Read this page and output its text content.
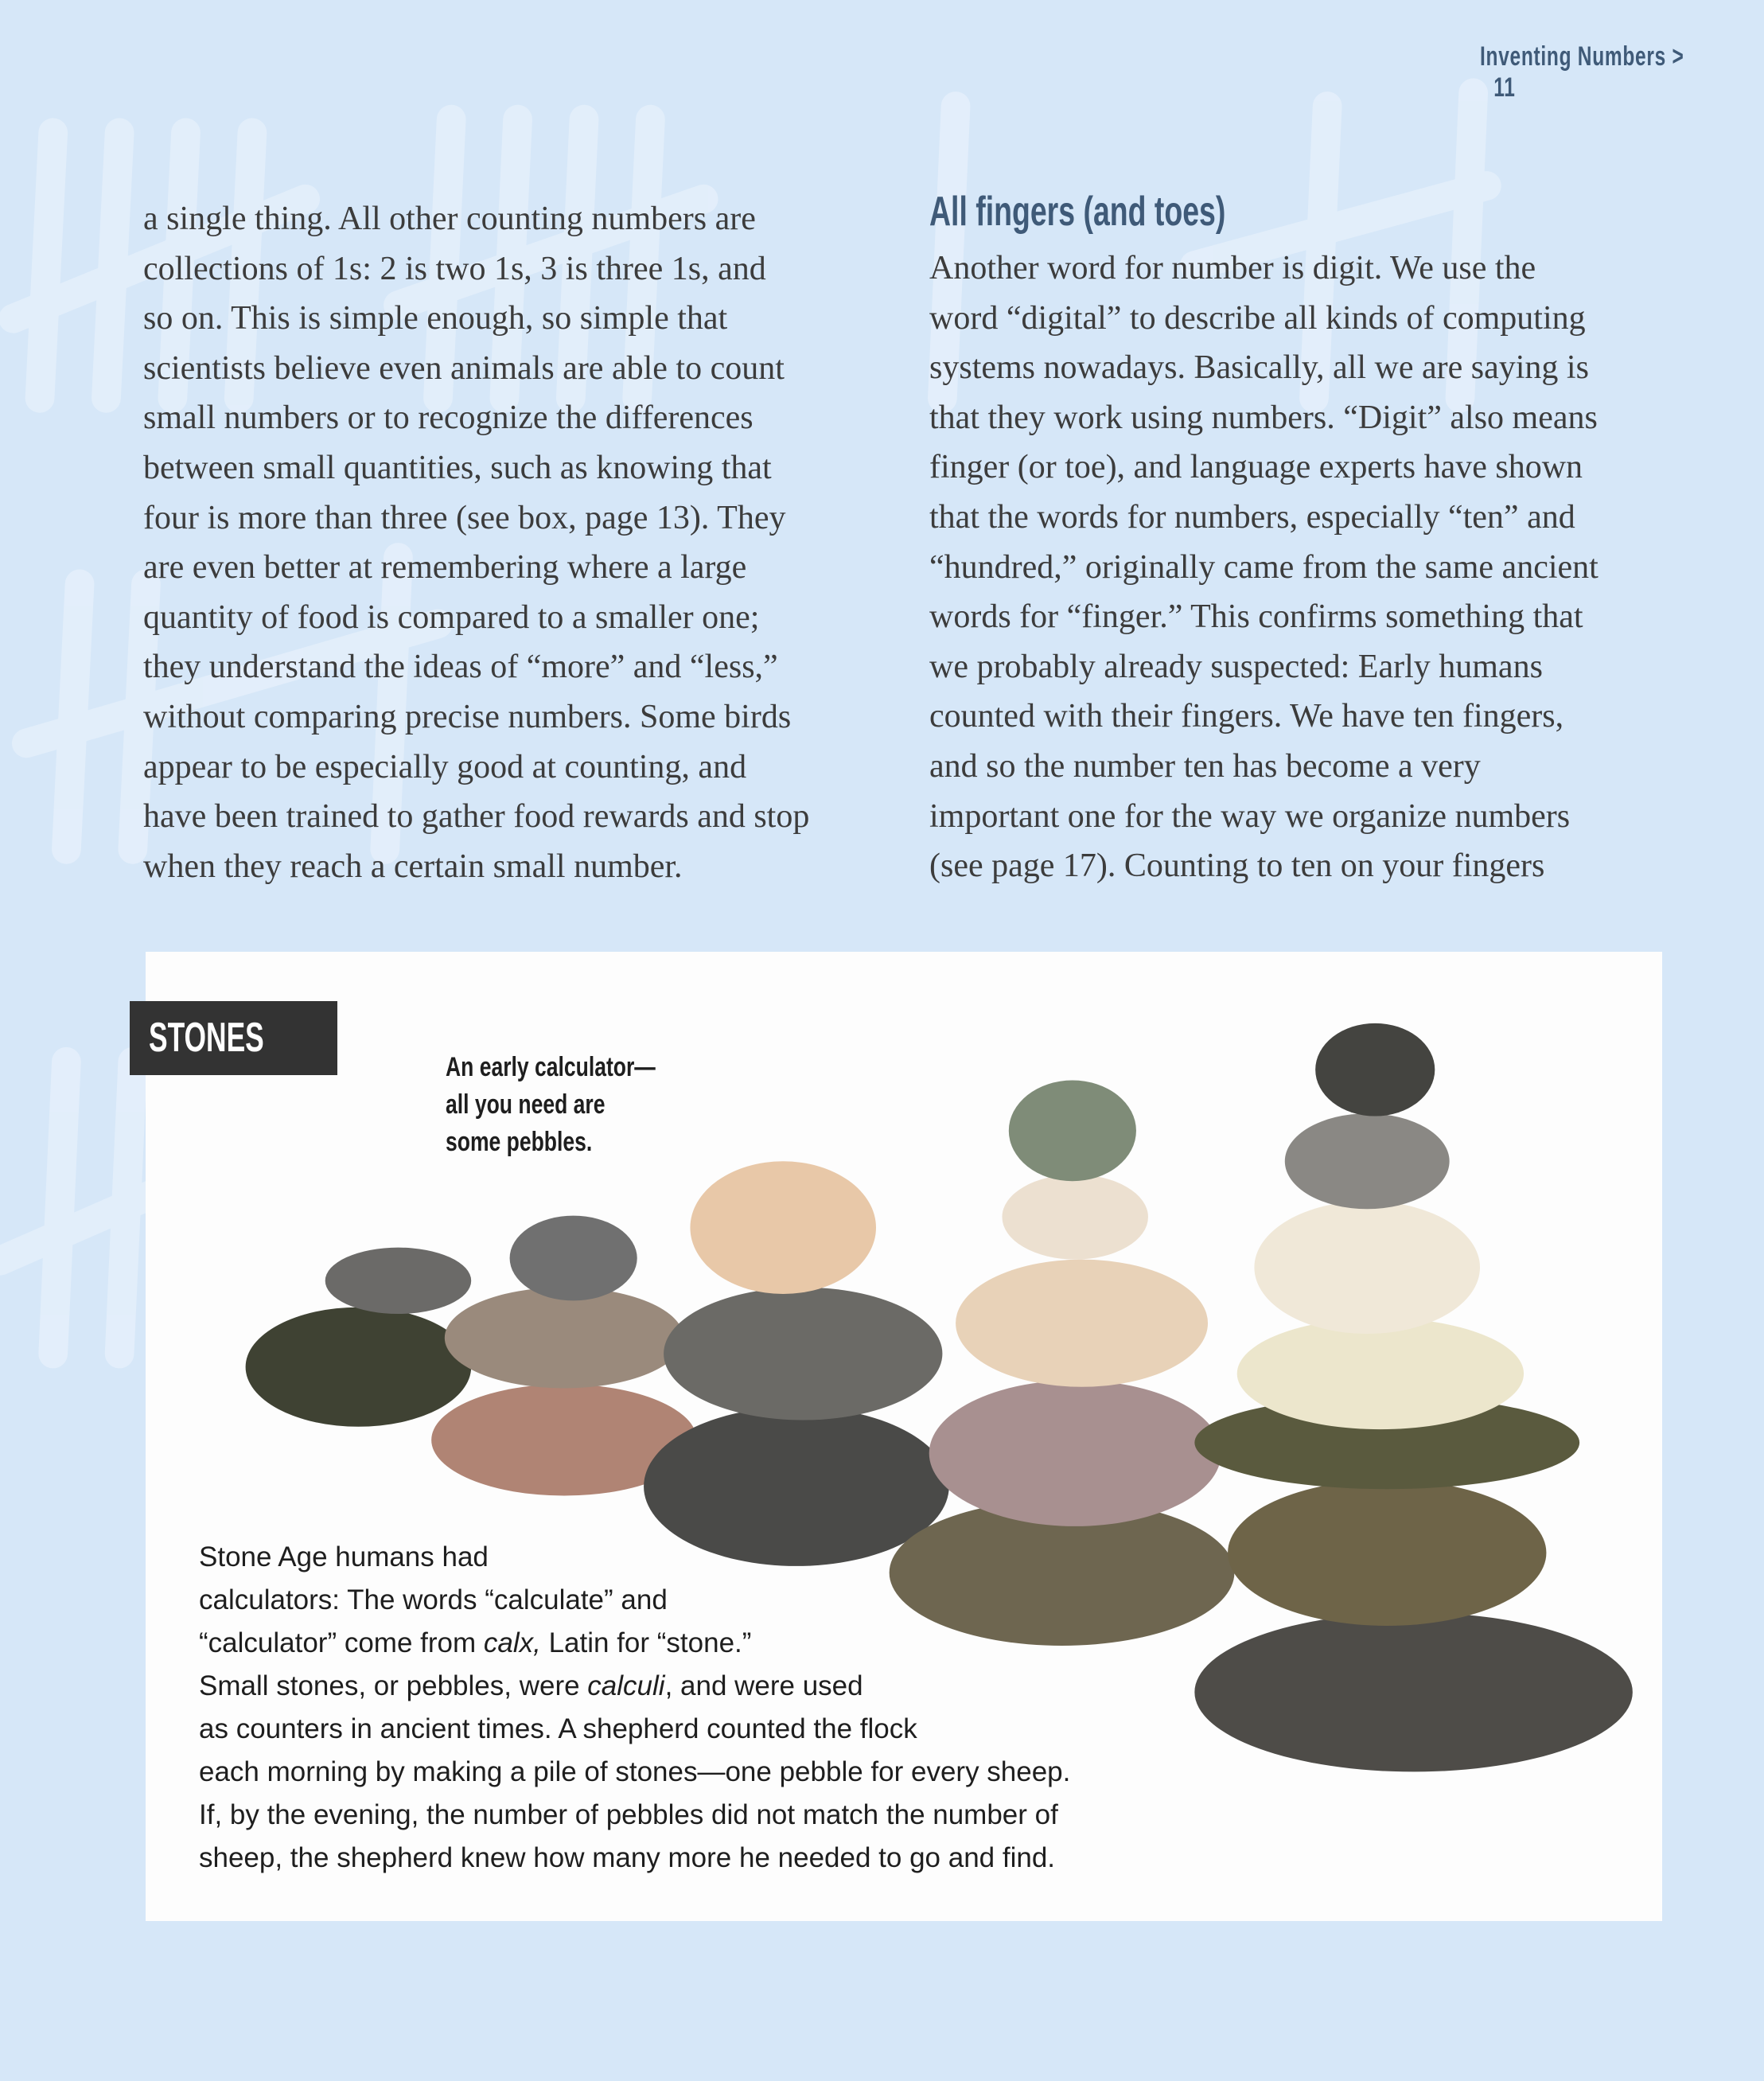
Inventing Numbers > 11
a single thing. All other counting numbers are
collections of 1s: 2 is two 1s, 3 is three 1s, and
so on. This is simple enough, so simple that
scientists believe even animals are able to count
small numbers or to recognize the differences
between small quantities, such as knowing that
four is more than three (see box, page 13). They
are even better at remembering where a large
quantity of food is compared to a smaller one;
they understand the ideas of “more” and “less,”
without comparing precise numbers. Some birds
appear to be especially good at counting, and
have been trained to gather food rewards and stop
when they reach a certain small number.
All fingers (and toes)
Another word for number is digit. We use the
word “digital” to describe all kinds of computing
systems nowadays. Basically, all we are saying is
that they work using numbers. “Digit” also means
finger (or toe), and language experts have shown
that the words for numbers, especially “ten” and
“hundred,” originally came from the same ancient
words for “finger.” This confirms something that
we probably already suspected: Early humans
counted with their fingers. We have ten fingers,
and so the number ten has become a very
important one for the way we organize numbers
(see page 17). Counting to ten on your fingers
STONES
An early calculator—
all you need are
some pebbles.
Stone Age humans had
calculators: The words “calculate” and
“calculator” come from calx, Latin for “stone.”
Small stones, or pebbles, were calculi, and were used
as counters in ancient times. A shepherd counted the flock
each morning by making a pile of stones—one pebble for every sheep.
If, by the evening, the number of pebbles did not match the number of
sheep, the shepherd knew how many more he needed to go and find.
